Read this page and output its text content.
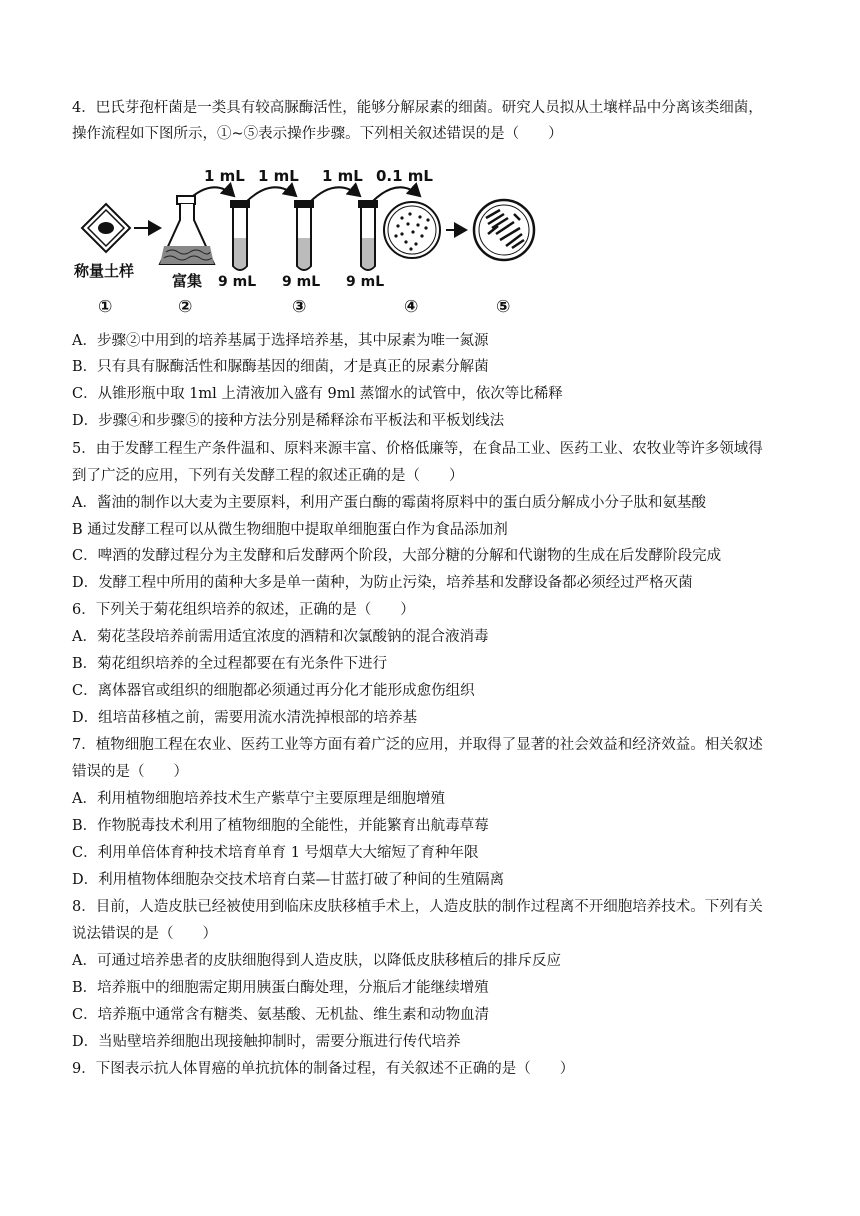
4．巴氏芽孢杆菌是一类具有较高脲酶活性，能够分解尿素的细菌。研究人员拟从土壤样品中分离该类细菌，
操作流程如下图所示，①~⑤表示操作步骤。下列相关叙述错误的是（　　）
1 mL 1 mL 1 mL 0.1 mL
称量土样
富集 9 mL 9 mL 9 mL
①	②	③	④	⑤
A．步骤②中用到的培养基属于选择培养基，其中尿素为唯一氮源
B．只有具有脲酶活性和脲酶基因的细菌，才是真正的尿素分解菌
C．从锥形瓶中取 1ml 上清液加入盛有 9ml 蒸馏水的试管中，依次等比稀释
D．步骤④和步骤⑤的接种方法分别是稀释涂布平板法和平板划线法
5．由于发酵工程生产条件温和、原料来源丰富、价格低廉等，在食品工业、医药工业、农牧业等许多领域得
到了广泛的应用，下列有关发酵工程的叙述正确的是（　　）
A．酱油的制作以大麦为主要原料，利用产蛋白酶的霉菌将原料中的蛋白质分解成小分子肽和氨基酸
B 通过发酵工程可以从微生物细胞中提取单细胞蛋白作为食品添加剂
C．啤酒的发酵过程分为主发酵和后发酵两个阶段，大部分糖的分解和代谢物的生成在后发酵阶段完成
D．发酵工程中所用的菌种大多是单一菌种，为防止污染，培养基和发酵设备都必须经过严格灭菌
6．下列关于菊花组织培养的叙述，正确的是（　　）
A．菊花茎段培养前需用适宜浓度的酒精和次氯酸钠的混合液消毒
B．菊花组织培养的全过程都要在有光条件下进行
C．离体器官或组织的细胞都必须通过再分化才能形成愈伤组织
D．组培苗移植之前，需要用流水清洗掉根部的培养基
7．植物细胞工程在农业、医药工业等方面有着广泛的应用，并取得了显著的社会效益和经济效益。相关叙述
错误的是（　　）
A．利用植物细胞培养技术生产紫草宁主要原理是细胞增殖
B．作物脱毒技术利用了植物细胞的全能性，并能繁育出航毒草莓
C．利用单倍体育种技术培育单育 1 号烟草大大缩短了育种年限
D．利用植物体细胞杂交技术培育白菜—甘蓝打破了种间的生殖隔离
8．目前，人造皮肤已经被使用到临床皮肤移植手术上，人造皮肤的制作过程离不开细胞培养技术。下列有关
说法错误的是（　　）
A．可通过培养患者的皮肤细胞得到人造皮肤，以降低皮肤移植后的排斥反应
B．培养瓶中的细胞需定期用胰蛋白酶处理，分瓶后才能继续增殖
C．培养瓶中通常含有糖类、氨基酸、无机盐、维生素和动物血清
D．当贴壁培养细胞出现接触抑制时，需要分瓶进行传代培养
9．下图表示抗人体胃癌的单抗抗体的制备过程，有关叙述不正确的是（　　）
